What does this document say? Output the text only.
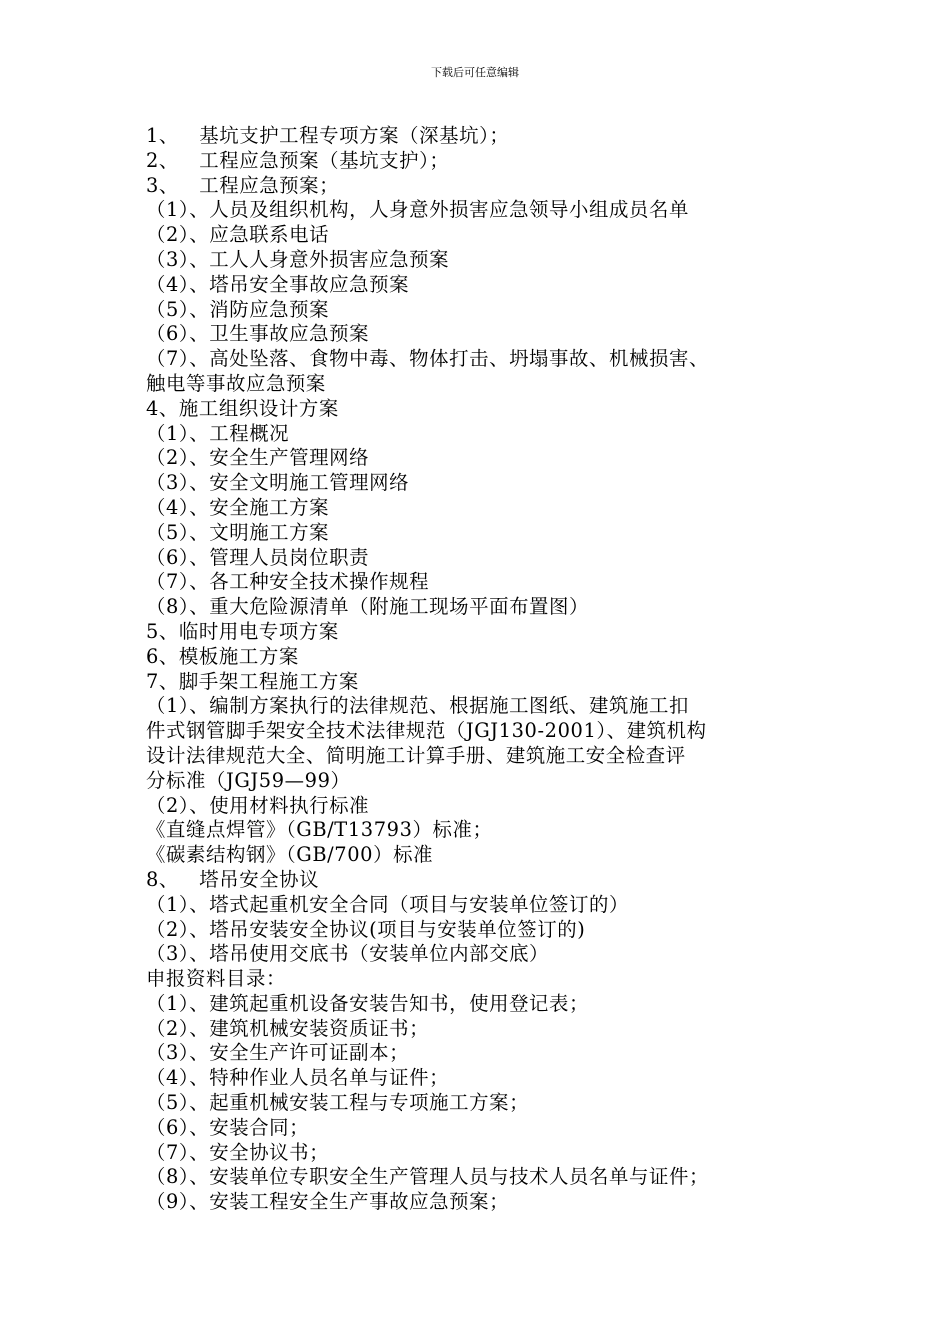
下载后可任意编辑
1、   基坑支护工程专项方案（深基坑）；
2、   工程应急预案（基坑支护）；
3、   工程应急预案；
（1）、人员及组织机构，人身意外损害应急领导小组成员名单
（2）、应急联系电话
（3）、工人人身意外损害应急预案
（4）、塔吊安全事故应急预案
（5）、消防应急预案
（6）、卫生事故应急预案
（7）、高处坠落、食物中毒、物体打击、坍塌事故、机械损害、
触电等事故应急预案
4、施工组织设计方案
（1）、工程概况
（2）、安全生产管理网络
（3）、安全文明施工管理网络
（4）、安全施工方案
（5）、文明施工方案
（6）、管理人员岗位职责
（7）、各工种安全技术操作规程
（8）、重大危险源清单（附施工现场平面布置图）
5、临时用电专项方案
6、模板施工方案
7、脚手架工程施工方案
（1）、编制方案执行的法律规范、根据施工图纸、建筑施工扣
件式钢管脚手架安全技术法律规范（JGJ130-2001）、建筑机构
设计法律规范大全、简明施工计算手册、建筑施工安全检查评
分标准（JGJ59—99）
（2）、使用材料执行标准
《直缝点焊管》（GB/T13793）标准；
《碳素结构钢》（GB/700）标准
8、   塔吊安全协议
（1）、塔式起重机安全合同（项目与安装单位签订的）
（2）、塔吊安装安全协议(项目与安装单位签订的)
（3）、塔吊使用交底书（安装单位内部交底）
申报资料目录：
（1）、建筑起重机设备安装告知书，使用登记表；
（2）、建筑机械安装资质证书；
（3）、安全生产许可证副本；
（4）、特种作业人员名单与证件；
（5）、起重机械安装工程与专项施工方案；
（6）、安装合同；
（7）、安全协议书；
（8）、安装单位专职安全生产管理人员与技术人员名单与证件；
（9）、安装工程安全生产事故应急预案；
